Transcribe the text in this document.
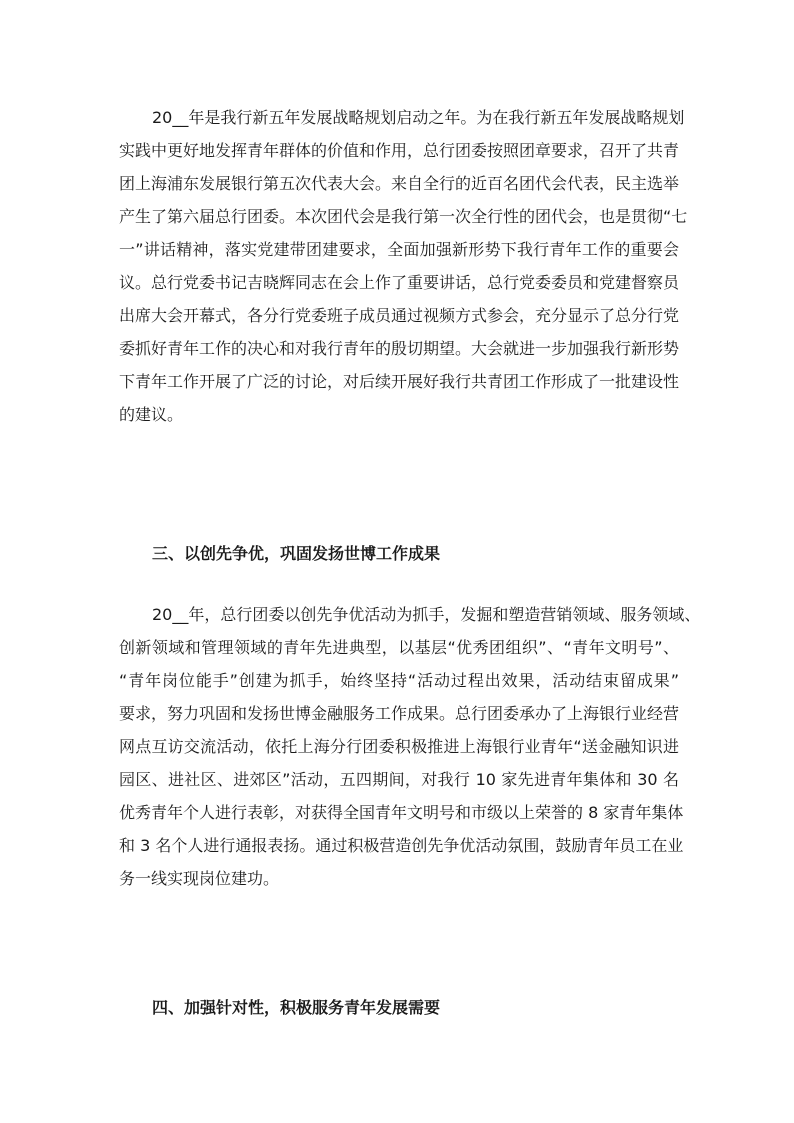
20__年是我行新五年发展战略规划启动之年。为在我行新五年发展战略规划
实践中更好地发挥青年群体的价值和作用，总行团委按照团章要求，召开了共青
团上海浦东发展银行第五次代表大会。来自全行的近百名团代会代表，民主选举
产生了第六届总行团委。本次团代会是我行第一次全行性的团代会，也是贯彻“七
一”讲话精神，落实党建带团建要求，全面加强新形势下我行青年工作的重要会
议。总行党委书记吉晓辉同志在会上作了重要讲话，总行党委委员和党建督察员
出席大会开幕式，各分行党委班子成员通过视频方式参会，充分显示了总分行党
委抓好青年工作的决心和对我行青年的殷切期望。大会就进一步加强我行新形势
下青年工作开展了广泛的讨论，对后续开展好我行共青团工作形成了一批建设性
的建议。
三、以创先争优，巩固发扬世博工作成果
20__年，总行团委以创先争优活动为抓手，发掘和塑造营销领域、服务领域、
创新领域和管理领域的青年先进典型，以基层“优秀团组织”、“青年文明号”、
“青年岗位能手”创建为抓手，始终坚持“活动过程出效果，活动结束留成果”
要求，努力巩固和发扬世博金融服务工作成果。总行团委承办了上海银行业经营
网点互访交流活动，依托上海分行团委积极推进上海银行业青年“送金融知识进
园区、进社区、进郊区”活动，五四期间，对我行 10 家先进青年集体和 30 名
优秀青年个人进行表彰，对获得全国青年文明号和市级以上荣誉的 8 家青年集体
和 3 名个人进行通报表扬。通过积极营造创先争优活动氛围，鼓励青年员工在业
务一线实现岗位建功。
四、加强针对性，积极服务青年发展需要
